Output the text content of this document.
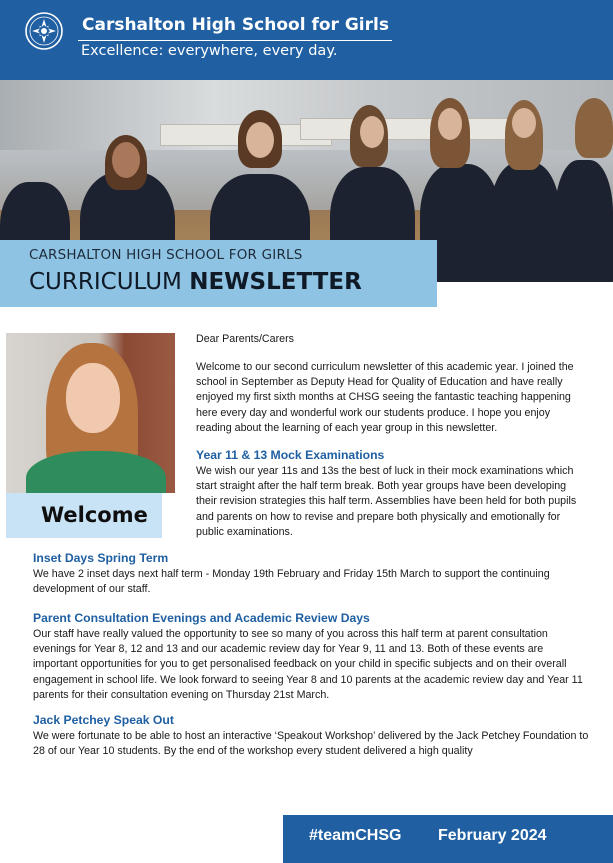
Carshalton High School for Girls
Excellence: everywhere, every day.
CARSHALTON HIGH SCHOOL FOR GIRLS
CURRICULUM NEWSLETTER
Welcome
Dear Parents/Carers
Welcome to our second curriculum newsletter of this academic year. I joined the school in September as Deputy Head for Quality of Education and have really enjoyed my first sixth months at CHSG seeing the fantastic teaching happening here every day and wonderful work our students produce. I hope you enjoy reading about the learning of each year group in this newsletter.
Year 11 & 13 Mock Examinations
We wish our year 11s and 13s the best of luck in their mock examinations which start straight after the half term break. Both year groups have been developing their revision strategies this half term. Assemblies have been held for both pupils and parents on how to revise and prepare both physically and emotionally for public examinations.
Inset Days Spring Term
We have 2 inset days next half term - Monday 19th February and Friday 15th March to support the continuing development of our staff.
Parent Consultation Evenings and Academic Review Days
Our staff have really valued the opportunity to see so many of you across this half term at parent consultation evenings for Year 8, 12 and 13 and our academic review day for Year 9, 11 and 13. Both of these events are important opportunities for you to get personalised feedback on your child in specific subjects and on their overall engagement in school life. We look forward to seeing Year 8 and 10 parents at the academic review day and Year 11 parents for their consultation evening on Thursday 21st March.
Jack Petchey Speak Out
We were fortunate to be able to host an interactive ‘Speakout Workshop’ delivered by the Jack Petchey Foundation to 28 of our Year 10 students. By the end of the workshop every student delivered a high quality
#teamCHSG February 2024
